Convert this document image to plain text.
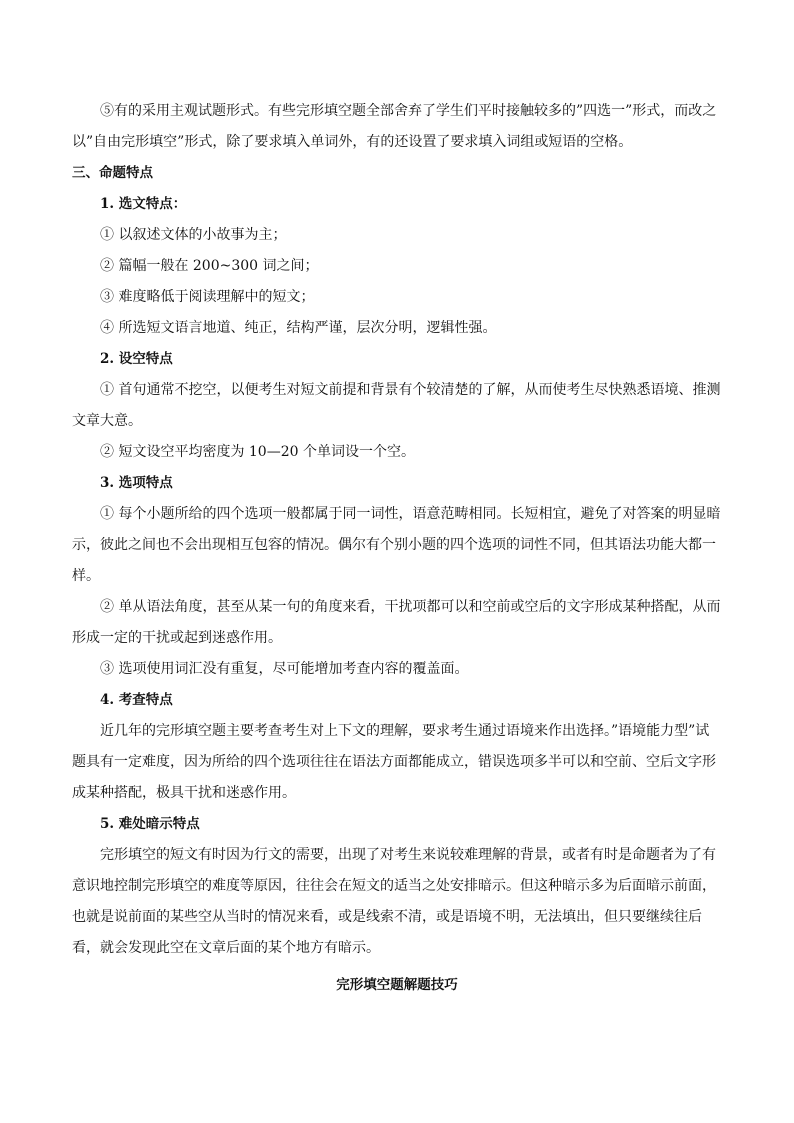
⑤有的采用主观试题形式。有些完形填空题全部舍弃了学生们平时接触较多的”四选一”形式，而改之以”自由完形填空”形式，除了要求填入单词外，有的还设置了要求填入词组或短语的空格。

三、命题特点

1. 选文特点：

① 以叙述文体的小故事为主；

② 篇幅一般在 200~300 词之间；

③ 难度略低于阅读理解中的短文；

④ 所选短文语言地道、纯正，结构严谨，层次分明，逻辑性强。

2. 设空特点

① 首句通常不挖空，以便考生对短文前提和背景有个较清楚的了解，从而使考生尽快熟悉语境、推测文章大意。

② 短文设空平均密度为 10—20 个单词设一个空。

3. 选项特点

① 每个小题所给的四个选项一般都属于同一词性，语意范畴相同。长短相宜，避免了对答案的明显暗示，彼此之间也不会出现相互包容的情况。偶尔有个别小题的四个选项的词性不同，但其语法功能大都一样。

② 单从语法角度，甚至从某一句的角度来看，干扰项都可以和空前或空后的文字形成某种搭配，从而形成一定的干扰或起到迷惑作用。

③ 选项使用词汇没有重复，尽可能增加考查内容的覆盖面。

4. 考查特点

近几年的完形填空题主要考查考生对上下文的理解，要求考生通过语境来作出选择。”语境能力型”试题具有一定难度，因为所给的四个选项往往在语法方面都能成立，错误选项多半可以和空前、空后文字形成某种搭配，极具干扰和迷惑作用。

5. 难处暗示特点

完形填空的短文有时因为行文的需要，出现了对考生来说较难理解的背景，或者有时是命题者为了有意识地控制完形填空的难度等原因，往往会在短文的适当之处安排暗示。但这种暗示多为后面暗示前面，也就是说前面的某些空从当时的情况来看，或是线索不清，或是语境不明，无法填出，但只要继续往后看，就会发现此空在文章后面的某个地方有暗示。

完形填空题解题技巧
